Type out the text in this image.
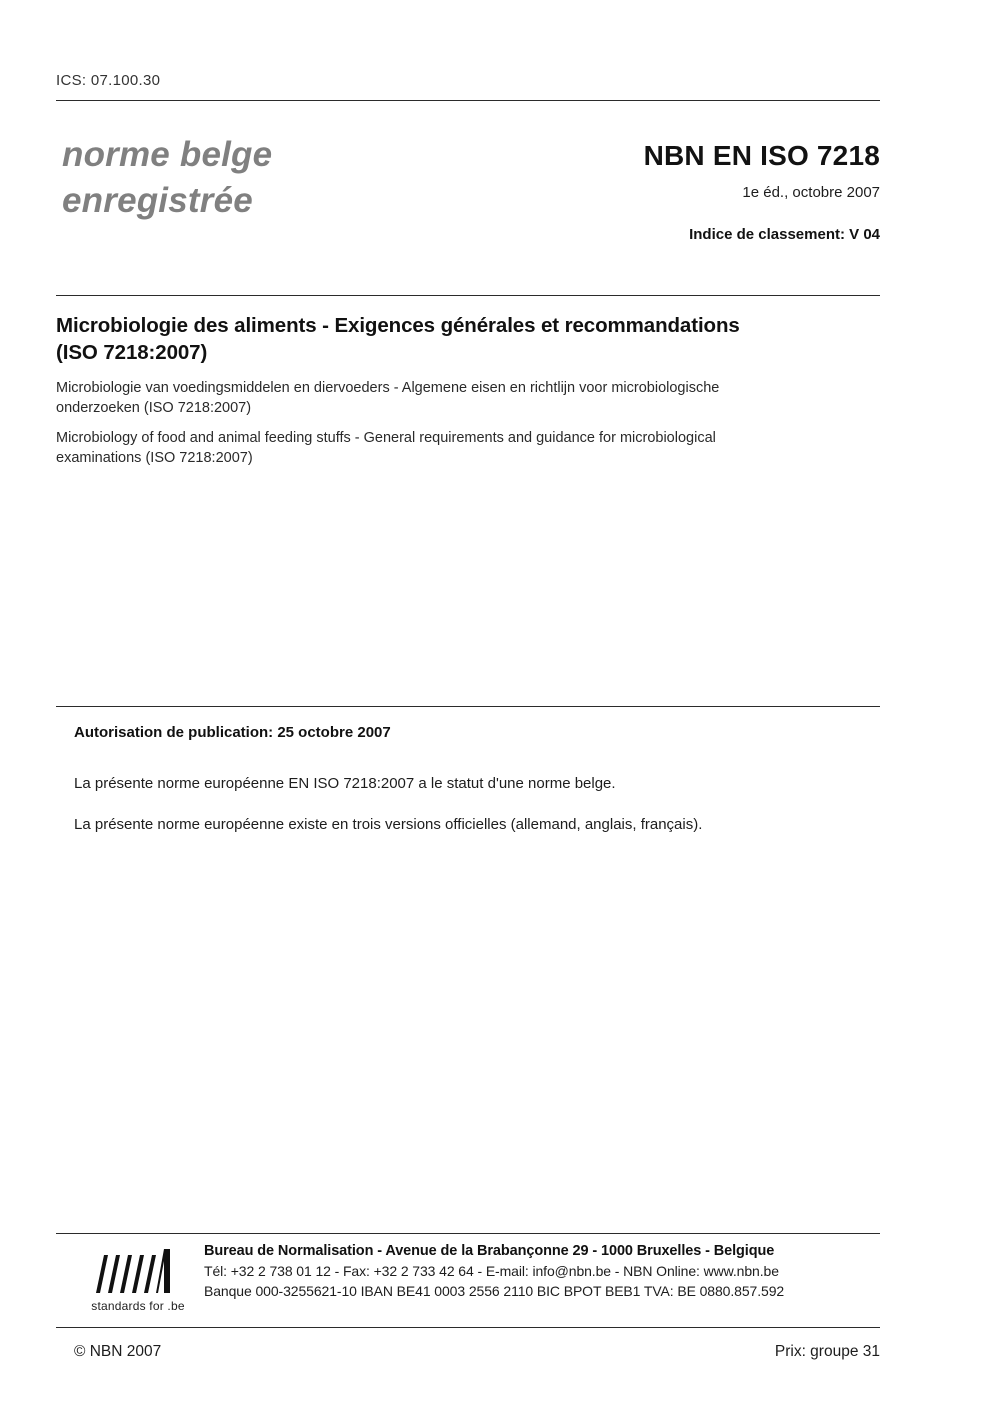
ICS: 07.100.30
norme belge
enregistrée
NBN EN ISO 7218
1e éd., octobre 2007
Indice de classement: V 04
Microbiologie des aliments - Exigences générales et recommandations
(ISO 7218:2007)
Microbiologie van voedingsmiddelen en diervoeders - Algemene eisen en richtlijn voor microbiologische
onderzoeken (ISO 7218:2007)
Microbiology of food and animal feeding stuffs - General requirements and guidance for microbiological
examinations (ISO 7218:2007)
Autorisation de publication: 25 octobre 2007
La présente norme européenne EN ISO 7218:2007 a le statut d'une norme belge.
La présente norme européenne existe en trois versions officielles (allemand, anglais, français).
standards for .be
Bureau de Normalisation - Avenue de la Brabançonne 29 - 1000 Bruxelles - Belgique
Tél: +32 2 738 01 12 - Fax: +32 2 733 42 64 - E-mail: info@nbn.be - NBN Online: www.nbn.be
Banque 000-3255621-10 IBAN BE41 0003 2556 2110 BIC BPOT BEB1 TVA: BE 0880.857.592
© NBN 2007	Prix: groupe 31
